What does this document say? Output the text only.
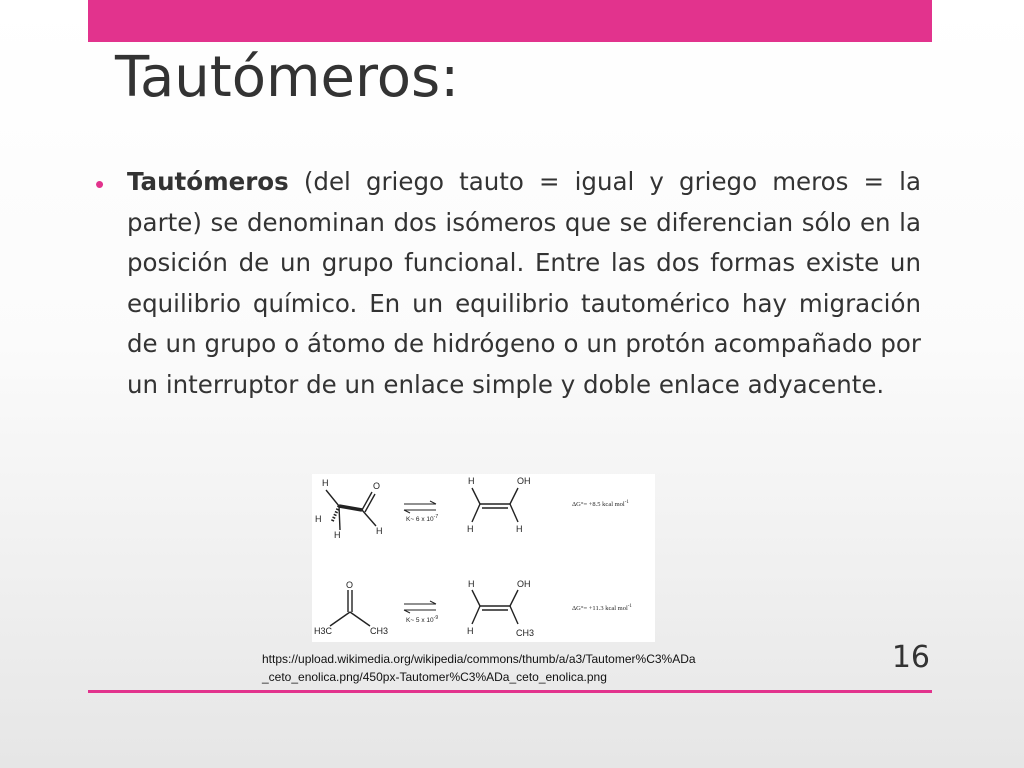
Tautómeros:
• Tautómeros (del griego tauto = igual y griego meros = la parte) se denominan dos isómeros que se diferencian sólo en la posición de un grupo funcional. Entre las dos formas existe un equilibrio químico. En un equilibrio tautomérico hay migración de un grupo o átomo de hidrógeno o un protón acompañado por un interruptor de un enlace simple y doble enlace adyacente.
H
H
H	H
O
K~ 6 x $10^{-7}$
H	OH
H	H
ΔG°= +8.5 kcal mol$^{-1}$
O
H3C	CH3
K~ 5 x $10^{-9}$
H	OH
H	CH3
ΔG°= +11.3 kcal mol$^{-1}$
https://upload.wikimedia.org/wikipedia/commons/thumb/a/a3/Tautomer%C3%ADa
_ceto_enolica.png/450px-Tautomer%C3%ADa_ceto_enolica.png
16
